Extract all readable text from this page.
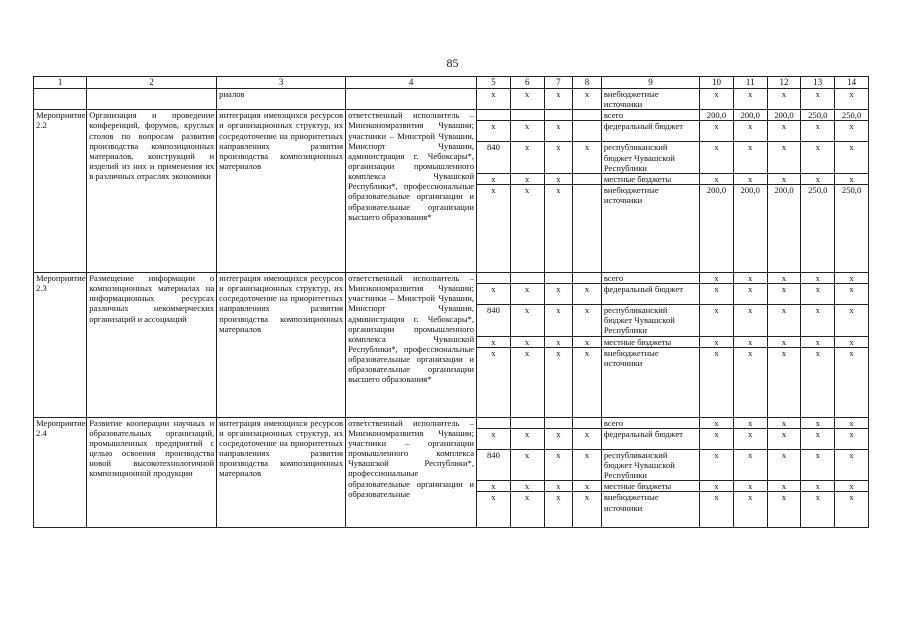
85
1	2	3	4	5	6	7	8	9	10	11	12	13	14
		риалов		x	x	x	x	внебюджетные источники	x	x	x	x	x
Мероприятие 2.2	Организация и проведение конференций, форумов, круглых столов по вопросам развития производства композиционных материалов, конструкций и изделий из них и применения их в различных отраслях экономики	интеграция имеющихся ресурсов и организационных структур, их сосредоточение на приоритетных направлениях развития производства композиционных материалов	ответственный исполнитель – Минэкономразвития Чувашии; участники – Минстрой Чувашии, Минспорт Чувашии, администрация г. Чебоксары*, организации промышленного комплекса Чувашской Республики*, профессиональные образовательные организации и образовательные организации высшего образования*					всего	200,0	200,0	200,0	250,0	250,0
				x	x	x		федеральный бюджет	x	x	x	x	x
				840	x	x	x	республиканский бюджет Чувашской Республики	x	x	x	x	x
				x	x	x		местные бюджеты	x	x	x	x	x
				x	x	x		внебюджетные источники	200,0	200,0	200,0	250,0	250,0
Мероприятие 2.3	Размещение информации о композиционных материалах на информационных ресурсах различных некоммерческих организаций и ассоциаций	интеграция имеющихся ресурсов и организационных структур, их сосредоточение на приоритетных направлениях развития производства композиционных материалов	ответственный исполнитель – Минэкономразвития Чувашии; участники – Минстрой Чувашии, Минспорт Чувашии, администрация г. Чебоксары*, организации промышленного комплекса Чувашской Республики*, профессиональные образовательные организации и образовательные организации высшего образования*					всего	x	x	x	x	x
				x	x	x	x	федеральный бюджет	x	x	x	x	x
				840	x	x	x	республиканский бюджет Чувашской Республики	x	x	x	x	x
				x	x	x	x	местные бюджеты	x	x	x	x	x
				x	x	x	x	внебюджетные источники	x	x	x	x	x
Мероприятие 2.4	Развитие кооперации научных и образовательных организаций, промышленных предприятий с целью освоения производства новой высокотехнологичной композиционной продукции	интеграция имеющихся ресурсов и организационных структур, их сосредоточение на приоритетных направлениях развития производства композиционных материалов	ответственный исполнитель – Минэкономразвития Чувашии; участники – организации промышленного комплекса Чувашской Республики*, профессиональные образовательные организации и образовательные					всего	x	x	x	x	x
				x	x	x	x	федеральный бюджет	x	x	x	x	x
				840	x	x	x	республиканский бюджет Чувашской Республики	x	x	x	x	x
				x	x	x	x	местные бюджеты	x	x	x	x	x
				x	x	x	x	внебюджетные источники	x	x	x	x	x
